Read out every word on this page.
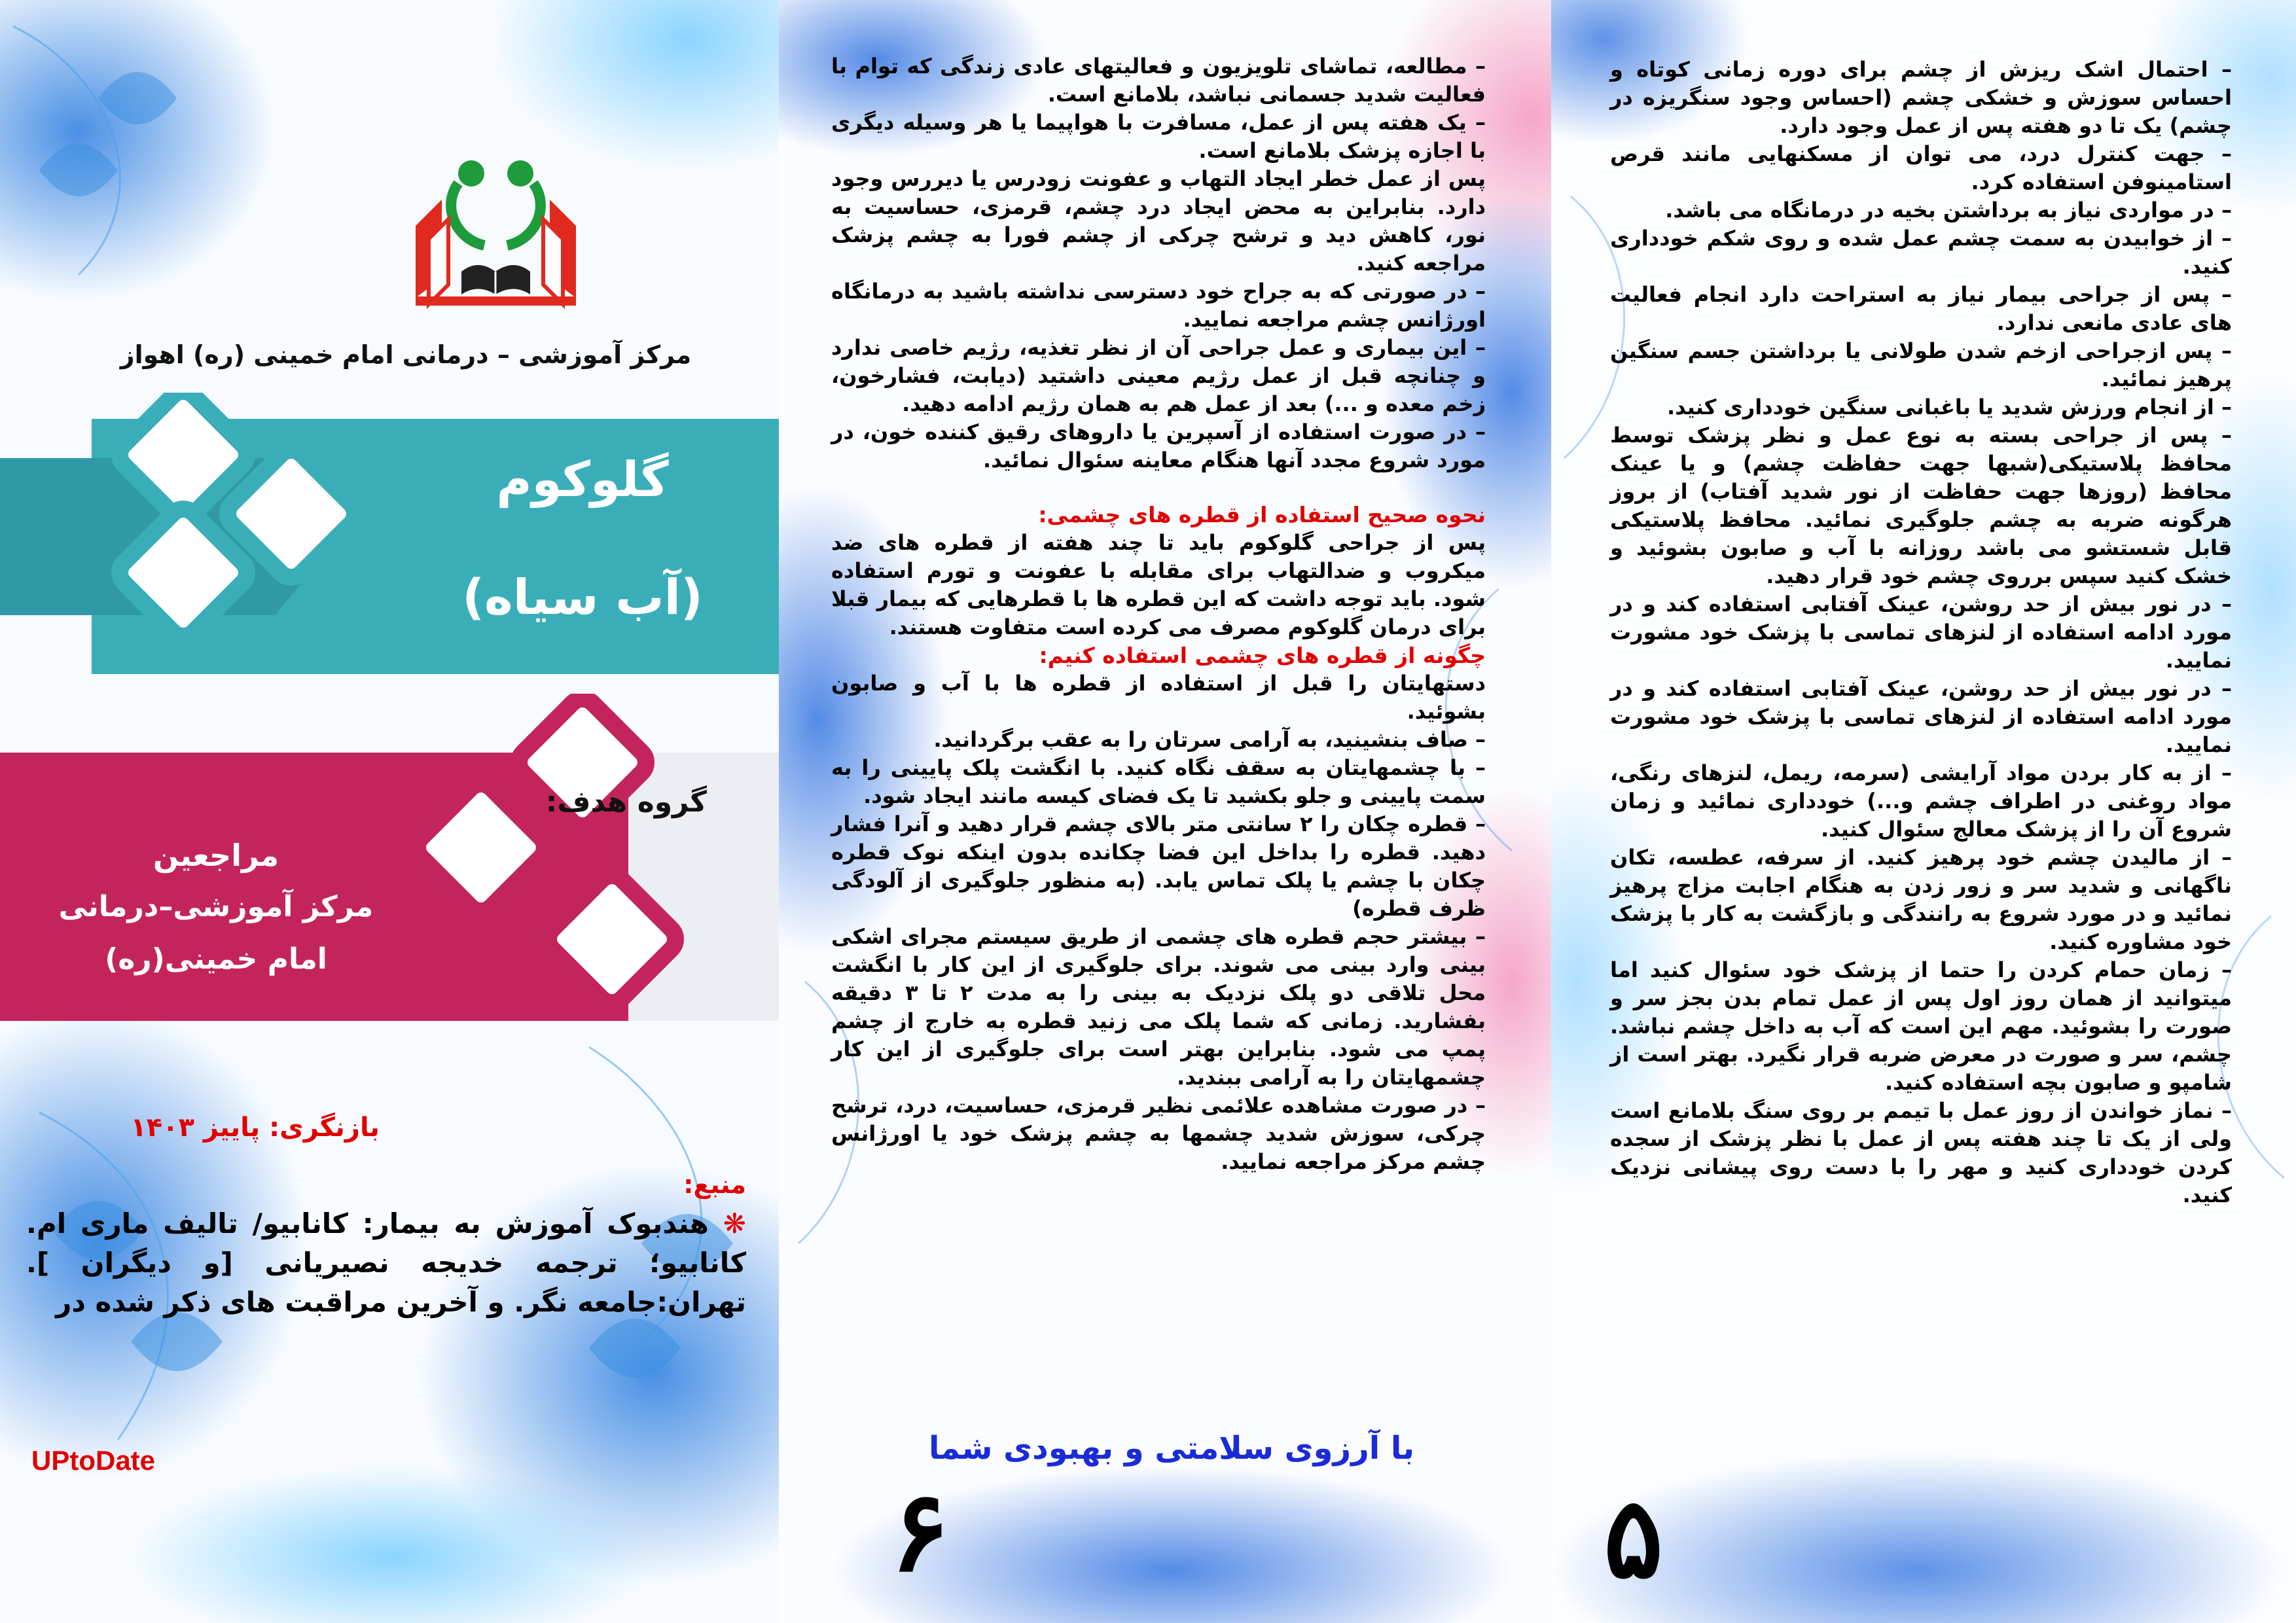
مرکز آموزشی – درمانی امام خمینی (ره) اهواز
گلوکوم
(آب سیاه)
گروه هدف:
مراجعین
مرکز آموزشی–درمانی
امام خمینی(ره)
بازنگری: پاییز ۱۴۰۳
منبع:
❋ هندبوک آموزش به بیمار: کانابیو/ تالیف ماری ام. کانابیو؛ ترجمه خدیجه نصیریانی [و دیگران ]. تهران:جامعه نگر. و آخرین مراقبت های ذکر شده در
UPtoDate

– مطالعه، تماشای تلویزیون و فعالیتهای عادی زندگی که توام با فعالیت شدید جسمانی نباشد، بلامانع است.

– یک هفته پس از عمل، مسافرت با هواپیما یا هر وسیله دیگری با اجازه پزشک بلامانع است.

پس از عمل خطر ایجاد التهاب و عفونت زودرس یا دیررس وجود دارد. بنابراین به محض ایجاد درد چشم، قرمزی، حساسیت به نور، کاهش دید و ترشح چرکی از چشم فورا به چشم پزشک مراجعه کنید.

– در صورتی که به جراح خود دسترسی نداشته باشید به درمانگاه اورژانس چشم مراجعه نمایید.

– این بیماری و عمل جراحی آن از نظر تغذیه، رژیم خاصی ندارد و چنانچه قبل از عمل رژیم معینی داشتید (دیابت، فشارخون، زخم معده و ...) بعد از عمل هم به همان رژیم ادامه دهید.

– در صورت استفاده از آسپرین یا داروهای رقیق کننده خون، در مورد شروع مجدد آنها هنگام معاینه سئوال نمائید.

نحوه صحیح استفاده از قطره های چشمی:

پس از جراحی گلوکوم باید تا چند هفته از قطره های ضد میکروب و ضدالتهاب برای مقابله با عفونت و تورم استفاده شود. باید توجه داشت که این قطره ها با قطرهایی که بیمار قبلا برای درمان گلوکوم مصرف می کرده است متفاوت هستند.

چگونه از قطره های چشمی استفاده کنیم:

دستهایتان را قبل از استفاده از قطره ها با آب و صابون بشوئید.

– صاف بنشینید، به آرامی سرتان را به عقب برگردانید.

– با چشمهایتان به سقف نگاه کنید. با انگشت پلک پایینی را به سمت پایینی و جلو بکشید تا یک فضای کیسه مانند ایجاد شود.

– قطره چکان را ۲ سانتی متر بالای چشم قرار دهید و آنرا فشار دهید. قطره را بداخل این فضا چکانده بدون اینکه نوک قطره چکان با چشم یا پلک تماس یابد. (به منظور جلوگیری از آلودگی ظرف قطره)

– بیشتر حجم قطره های چشمی از طریق سیستم مجرای اشکی بینی وارد بینی می شوند. برای جلوگیری از این کار با انگشت محل تلاقی دو پلک نزدیک به بینی را به مدت ۲ تا ۳ دقیقه بفشارید. زمانی که شما پلک می زنید قطره به خارج از چشم پمپ می شود. بنابراین بهتر است برای جلوگیری از این کار چشمهایتان را به آرامی ببندید.

– در صورت مشاهده علائمی نظیر قرمزی، حساسیت، درد، ترشح چرکی، سوزش شدید چشمها به چشم پزشک خود یا اورژانس چشم مرکز مراجعه نمایید.

با آرزوی سلامتی و بهبودی شما
۶

– احتمال اشک ریزش از چشم برای دوره زمانی کوتاه و احساس سوزش و خشکی چشم (احساس وجود سنگریزه در چشم) یک تا دو هفته پس از عمل وجود دارد.

– جهت کنترل درد، می توان از مسکنهایی مانند قرص استامینوفن استفاده کرد.

– در مواردی نیاز به برداشتن بخیه در درمانگاه می باشد.

– از خوابیدن به سمت چشم عمل شده و روی شکم خودداری کنید.

– پس از جراحی بیمار نیاز به استراحت دارد انجام فعالیت های عادی مانعی ندارد.

– پس ازجراحی ازخم شدن طولانی یا برداشتن جسم سنگین پرهیز نمائید.

– از انجام ورزش شدید یا باغبانی سنگین خودداری کنید.

– پس از جراحی بسته به نوع عمل و نظر پزشک توسط محافظ پلاستیکی(شبها جهت حفاظت چشم) و یا عینک محافظ (روزها جهت حفاظت از نور شدید آفتاب) از بروز هرگونه ضربه به چشم جلوگیری نمائید. محافظ پلاستیکی قابل شستشو می باشد روزانه با آب و صابون بشوئید و خشک کنید سپس برروی چشم خود قرار دهید.

– در نور بیش از حد روشن، عینک آفتابی استفاده کند و در مورد ادامه استفاده از لنزهای تماسی با پزشک خود مشورت نمایید.

– در نور بیش از حد روشن، عینک آفتابی استفاده کند و در مورد ادامه استفاده از لنزهای تماسی با پزشک خود مشورت نمایید.

– از به کار بردن مواد آرایشی (سرمه، ریمل، لنزهای رنگی، مواد روغنی در اطراف چشم و...) خودداری نمائید و زمان شروع آن را از پزشک معالج سئوال کنید.

– از مالیدن چشم خود پرهیز کنید. از سرفه، عطسه، تکان ناگهانی و شدید سر و زور زدن به هنگام اجابت مزاج پرهیز نمائید و در مورد شروع به رانندگی و بازگشت به کار با پزشک خود مشاوره کنید.

– زمان حمام کردن را حتما از پزشک خود سئوال کنید اما میتوانید از همان روز اول پس از عمل تمام بدن بجز سر و صورت را بشوئید. مهم این است که آب به داخل چشم نباشد. چشم، سر و صورت در معرض ضربه قرار نگیرد. بهتر است از شامپو و صابون بچه استفاده کنید.

– نماز خواندن از روز عمل با تیمم بر روی سنگ بلامانع است ولی از یک تا چند هفته پس از عمل با نظر پزشک از سجده کردن خودداری کنید و مهر را با دست روی پیشانی نزدیک کنید.

۵
